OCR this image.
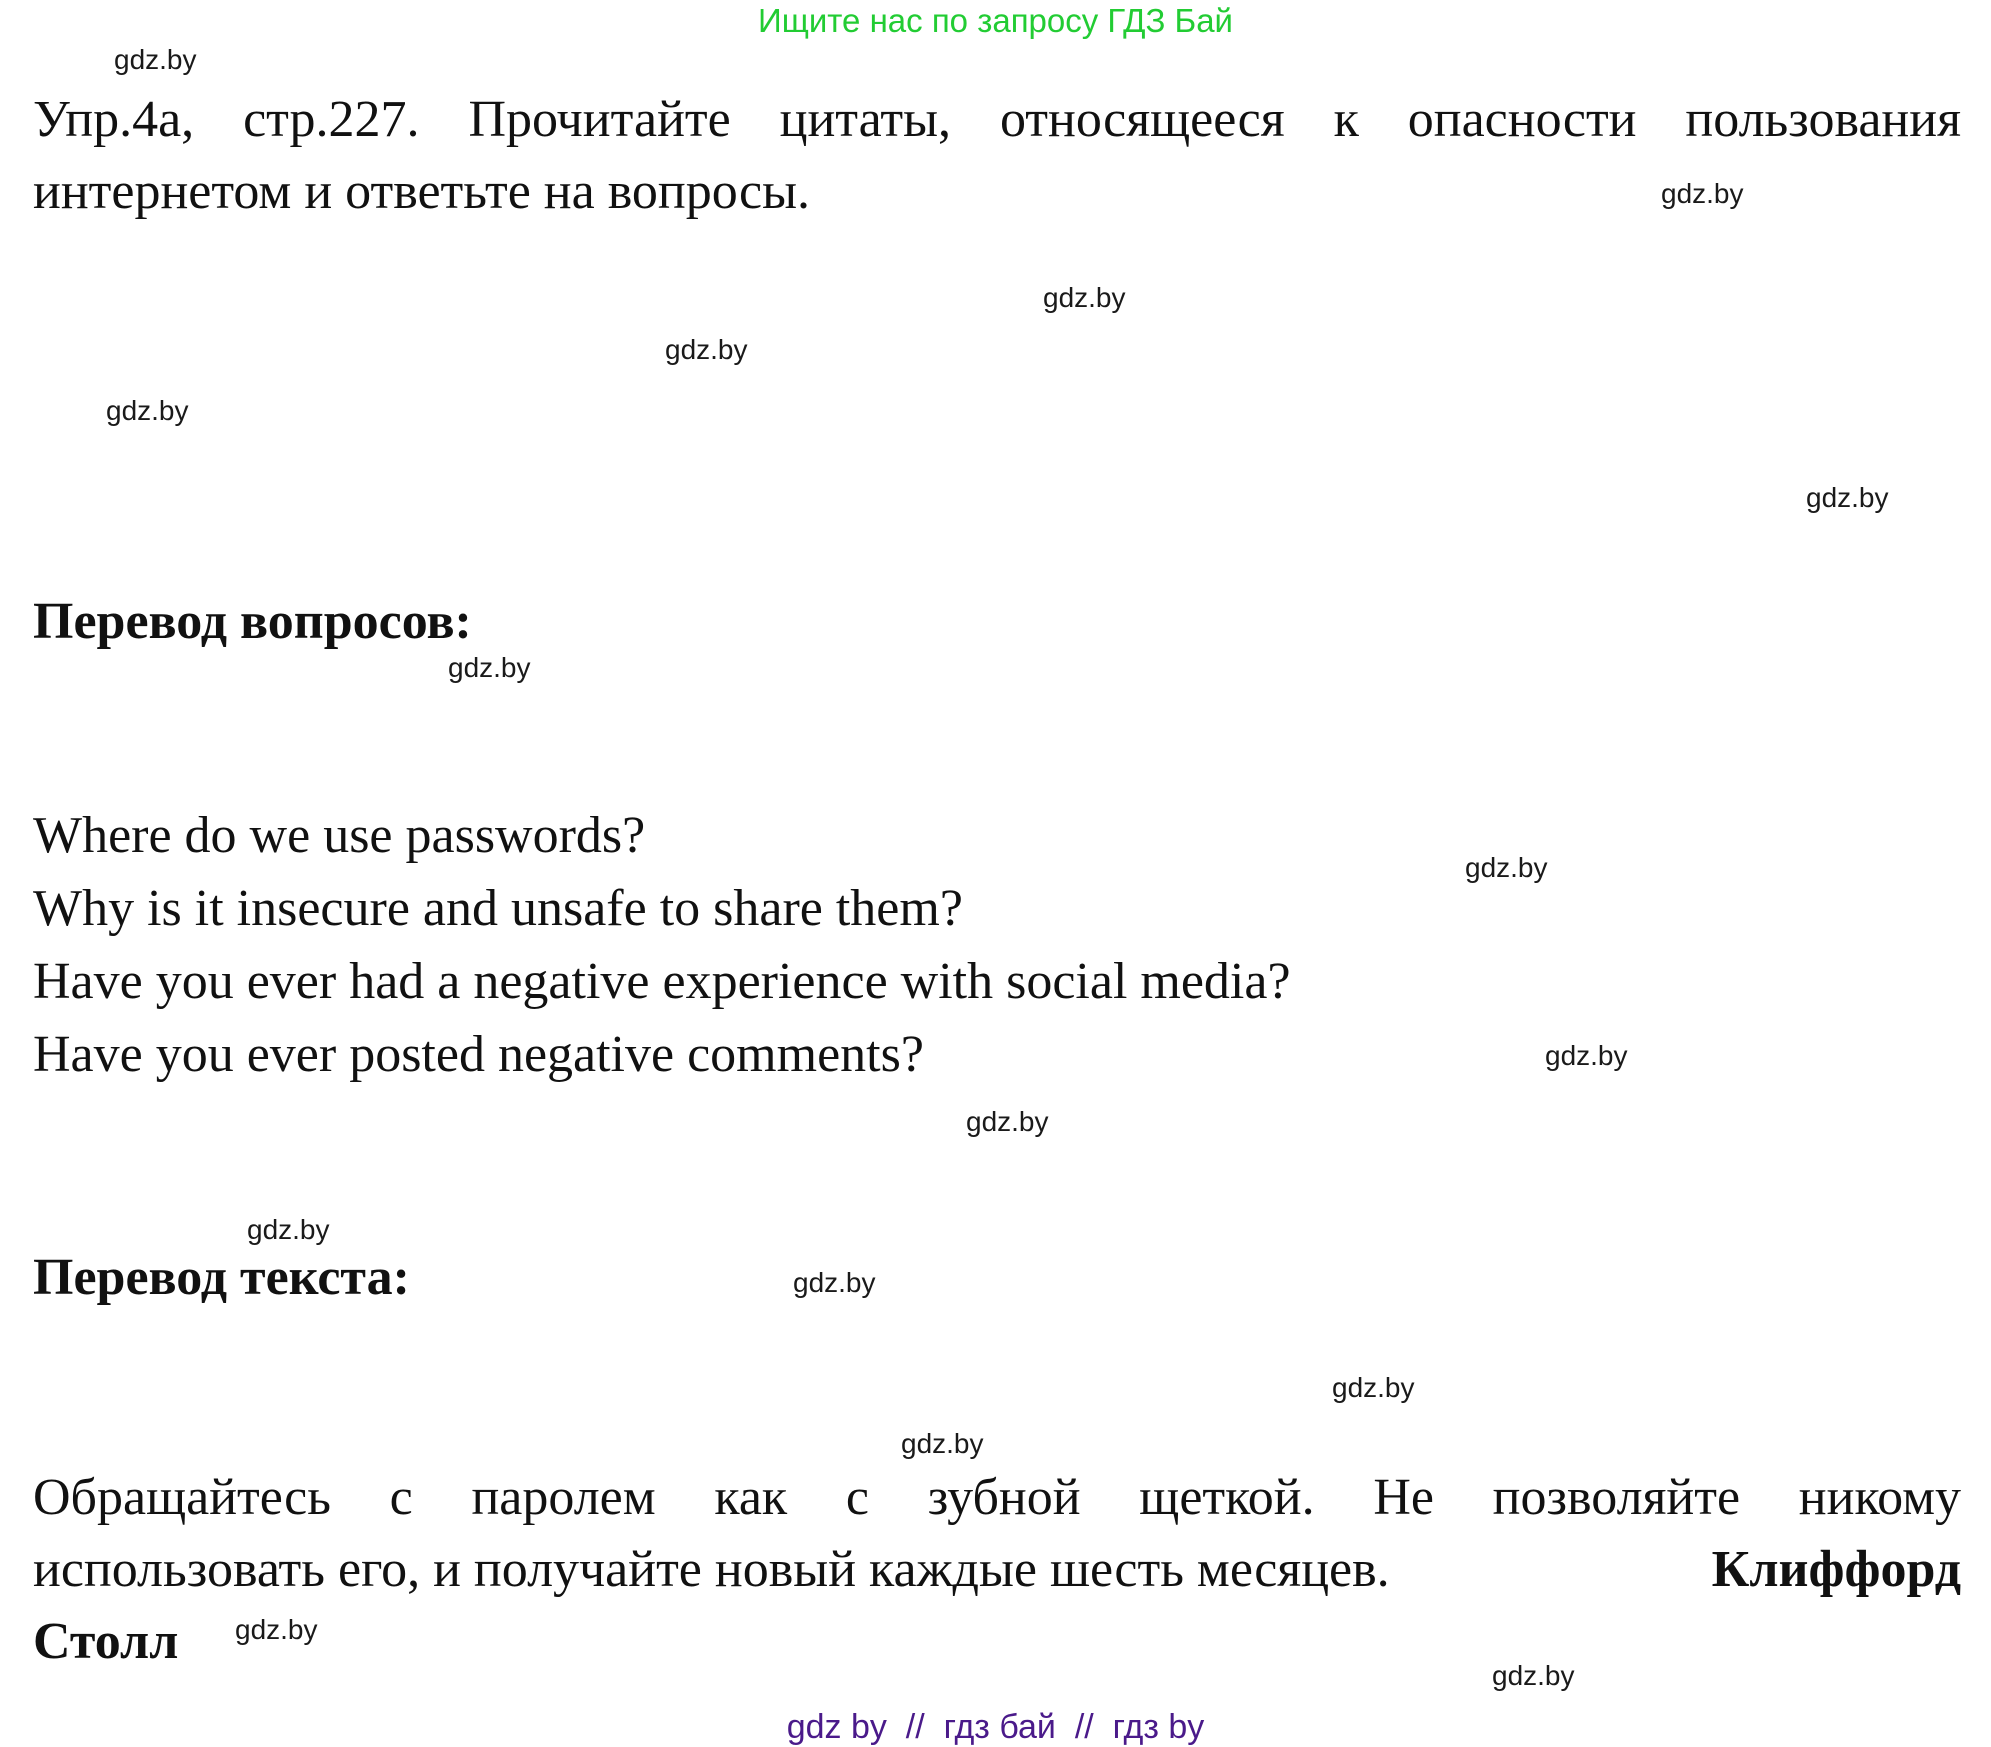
Ищите нас по запросу ГДЗ Бай
Упр.4а, стр.227. Прочитайте цитаты, относящееся к опасности пользования
интернетом и ответьте на вопросы.
Перевод вопросов:
Where do we use passwords?
Why is it insecure and unsafe to share them?
Have you ever had a negative experience with social media?
Have you ever posted negative comments?
Перевод текста:
Обращайтесь с паролем как с зубной щеткой. Не позволяйте никому
использовать его, и получайте новый каждые шесть месяцев.	Клиффорд
Столл
gdz.by
gdz.by
gdz.by
gdz.by
gdz.by
gdz.by
gdz.by
gdz.by
gdz.by
gdz.by
gdz.by
gdz.by
gdz.by
gdz.by
gdz.by
gdz.by
gdz by  //  гдз бай  //  гдз by
